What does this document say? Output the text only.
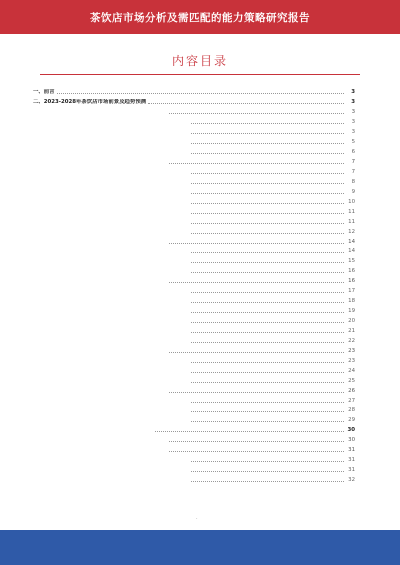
茶饮店市场分析及需匹配的能力策略研究报告
内容目录
一、前言	3
二、2023-2028年茶饮店市场前景及趋势预测	3
3
3
3
5
6
7
7
8
9
10
11
11
12
14
14
15
16
16
17
18
19
20
21
22
23
23
24
25
26
27
28
29
30
30
31
31
31
32
·
